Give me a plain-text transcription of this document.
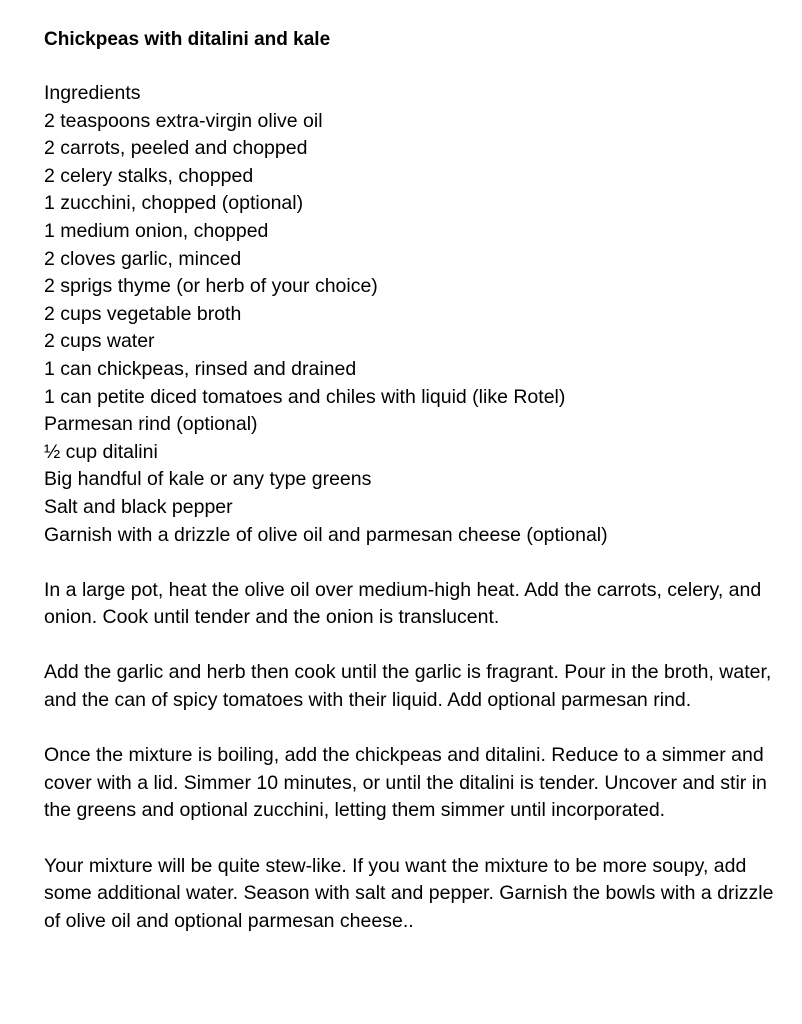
Chickpeas with ditalini and kale

Ingredients

2 teaspoons extra-virgin olive oil

2 carrots, peeled and chopped

2 celery stalks, chopped

1 zucchini, chopped (optional)

1 medium onion, chopped

2 cloves garlic, minced

2 sprigs thyme (or herb of your choice)

2 cups vegetable broth

2 cups water

1 can chickpeas, rinsed and drained

1 can petite diced tomatoes and chiles with liquid (like Rotel)

Parmesan rind (optional)

½ cup ditalini

Big handful of kale or any type greens

Salt and black pepper

Garnish with a drizzle of olive oil and parmesan cheese (optional)

In a large pot, heat the olive oil over medium-high heat. Add the carrots, celery, and onion. Cook until tender and the onion is translucent.

Add the garlic and herb then cook until the garlic is fragrant. Pour in the broth, water, and the can of spicy tomatoes with their liquid. Add optional parmesan rind.

Once the mixture is boiling, add the chickpeas and ditalini. Reduce to a simmer and cover with a lid. Simmer 10 minutes, or until the ditalini is tender. Uncover and stir in the greens and optional zucchini, letting them simmer until incorporated.

Your mixture will be quite stew-like. If you want the mixture to be more soupy, add some additional water. Season with salt and pepper. Garnish the bowls with a drizzle of olive oil and optional parmesan cheese..
